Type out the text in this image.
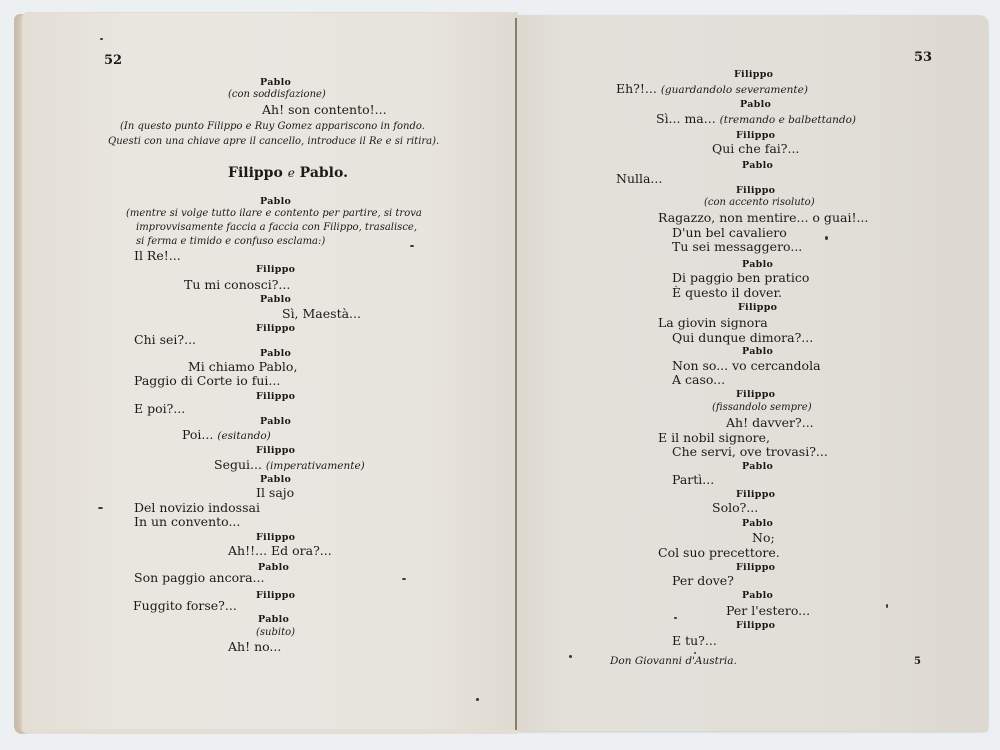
52
Pablo
(con soddisfazione)
Ah! son contento!...
(In questo punto Filippo e Ruy Gomez appariscono in fondo.
Questi con una chiave apre il cancello, introduce il Re e si ritira).
Filippo e Pablo.
Pablo
(mentre si volge tutto ilare e contento per partire, si trova
improvvisamente faccia a faccia con Filippo, trasalisce,
si ferma e timido e confuso esclama:)
Il Re!...
Filippo
Tu mi conosci?...
Pablo
Sì, Maestà...
Filippo
Chi sei?...
Pablo
Mi chiamo Pablo,
Paggio di Corte io fui...
Filippo
E poi?...
Pablo
Poi... (esitando)
Filippo
Segui... (imperativamente)
Pablo
Il sajo
Del novizio indossai
In un convento...
Filippo
Ah!!... Ed ora?...
Pablo
Son paggio ancora...
Filippo
Fuggito forse?...
Pablo
(subito)
Ah! no...
53
Filippo
Eh?!... (guardandolo severamente)
Pablo
Sì... ma... (tremando e balbettando)
Filippo
Qui che fai?...
Pablo
Nulla...
Filippo
(con accento risoluto)
Ragazzo, non mentire... o guai!...
D'un bel cavaliero
Tu sei messaggero...
Pablo
Di paggio ben pratico
È questo il dover.
Filippo
La giovin signora
Qui dunque dimora?...
Pablo
Non so... vo cercandola
A caso...
Filippo
(fissandolo sempre)
Ah! davver?...
E il nobil signore,
Che servi, ove trovasi?...
Pablo
Partì...
Filippo
Solo?...
Pablo
No;
Col suo precettore.
Filippo
Per dove?
Pablo
Per l'estero...
Filippo
E tu?...
Don Giovanni d'Austria.	5
